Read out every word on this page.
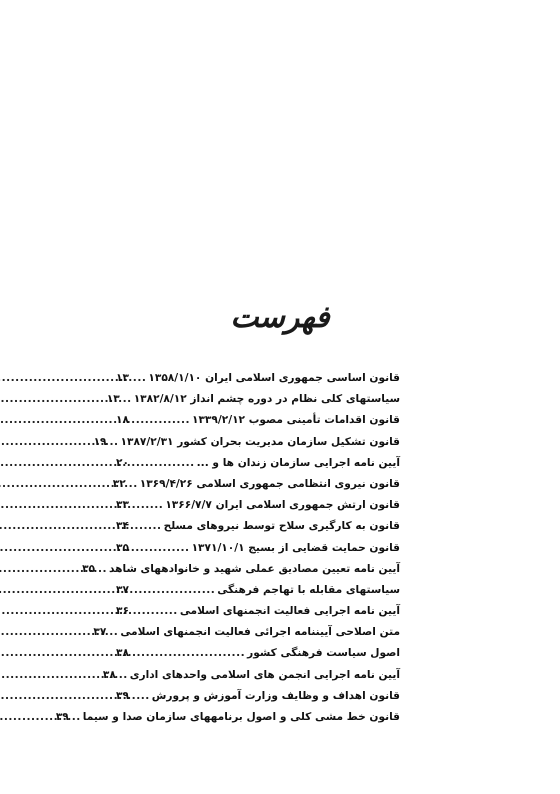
فهرست
قانون اساسی جمهوری اسلامی ایران ۱۳۵۸/۱/۱۰
.....
۱۳
سیاستهای کلی نظام در دوره چشم انداز ۱۳۸۲/۸/۱۲
.....
۱۳
قانون اقدامات تأمینی مصوب ۱۳۳۹/۲/۱۲
.....
۱۸
قانون تشکیل سازمان مدیریت بحران کشور ۱۳۸۷/۲/۳۱
.....
۱۹
آیین نامه اجرایی سازمان زندان ها و ...
.....
۲۰
قانون نیروی انتظامی جمهوری اسلامی ۱۳۶۹/۴/۲۶
.....
۳۲
قانون ارتش جمهوری اسلامی ایران ۱۳۶۶/۷/۷
.....
۳۳
قانون به کارگیری سلاح توسط نیروهای مسلح
.....
۳۴
قانون حمایت قضایی از بسیج ۱۳۷۱/۱۰/۱
.....
۳۵
آیین نامه تعیین مصادیق عملی شهید و خانوادههای شاهد
.....
۳۵
سیاستهای مقابله با تهاجم فرهنگی
.....
۳۷
آیین نامه اجرایی فعالیت انجمنهای اسلامی
.....
۳۶
متن اصلاحی آییننامه اجرائی فعالیت انجمنهای اسلامی
.....
۳۷
اصول سیاست فرهنگی کشور
.....
۳۸
آیین نامه اجرایی انجمن های اسلامی واحدهای اداری
.....
۳۸
قانون اهداف و وظایف وزارت آموزش و پرورش
.....
۳۹
قانون خط مشی کلی و اصول برنامههای سازمان صدا و سیما
.....
۳۹
